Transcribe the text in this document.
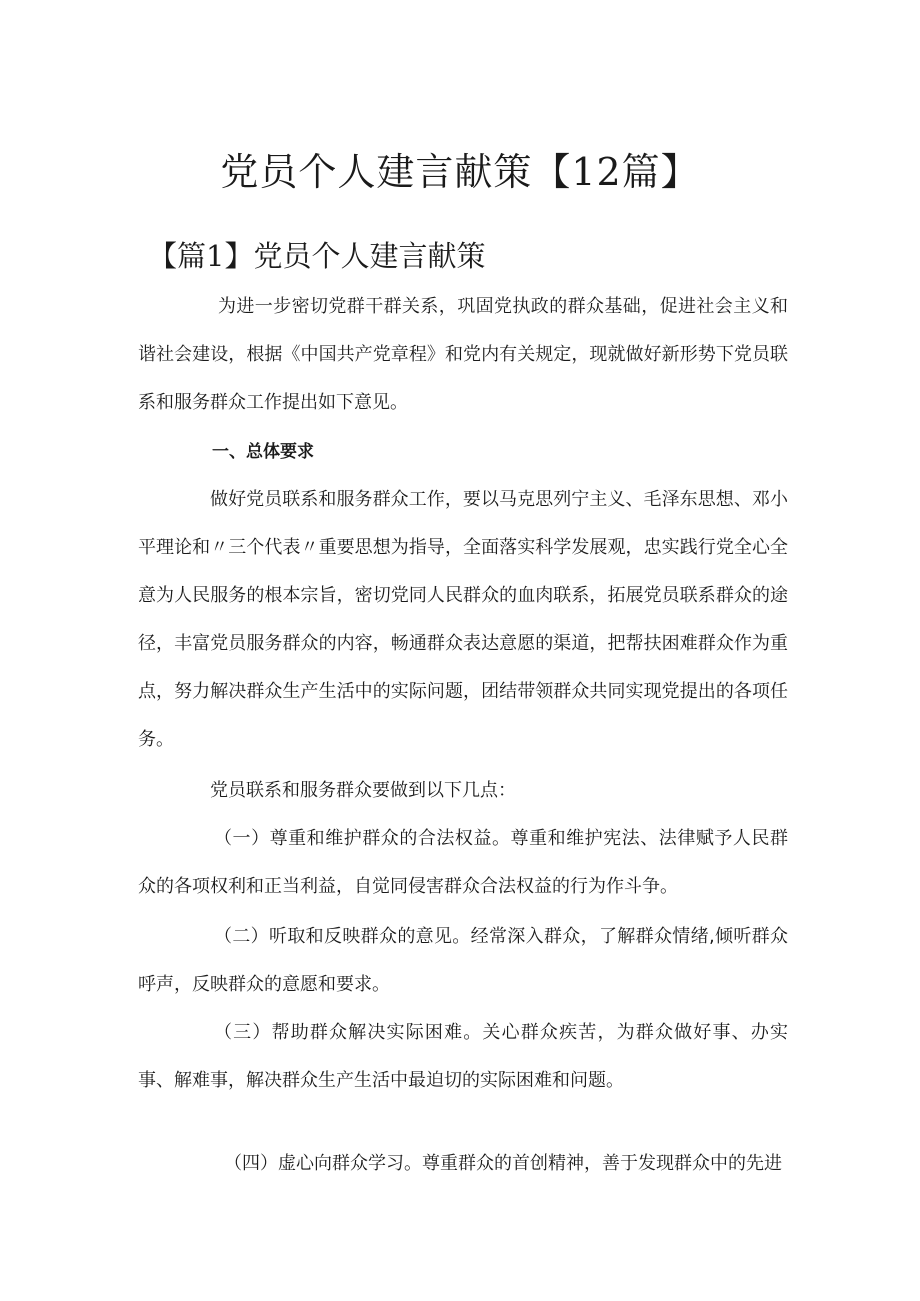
党员个人建言献策【12篇】
【篇1】党员个人建言献策

为进一步密切党群干群关系，巩固党执政的群众基础，促进社会主义和谐社会建设，根据《中国共产党章程》和党内有关规定，现就做好新形势下党员联系和服务群众工作提出如下意见。

一、总体要求

做好党员联系和服务群众工作，要以马克思列宁主义、毛泽东思想、邓小平理论和〃三个代表〃重要思想为指导，全面落实科学发展观，忠实践行党全心全意为人民服务的根本宗旨，密切党同人民群众的血肉联系，拓展党员联系群众的途径，丰富党员服务群众的内容，畅通群众表达意愿的渠道，把帮扶困难群众作为重点，努力解决群众生产生活中的实际问题，团结带领群众共同实现党提出的各项任务。

党员联系和服务群众要做到以下几点：

（一）尊重和维护群众的合法权益。尊重和维护宪法、法律赋予人民群众的各项权利和正当利益，自觉同侵害群众合法权益的行为作斗争。

（二）听取和反映群众的意见。经常深入群众，了解群众情绪,倾听群众呼声，反映群众的意愿和要求。

（三）帮助群众解决实际困难。关心群众疾苦，为群众做好事、办实事、解难事，解决群众生产生活中最迫切的实际困难和问题。

（四）虚心向群众学习。尊重群众的首创精神，善于发现群众中的先进
